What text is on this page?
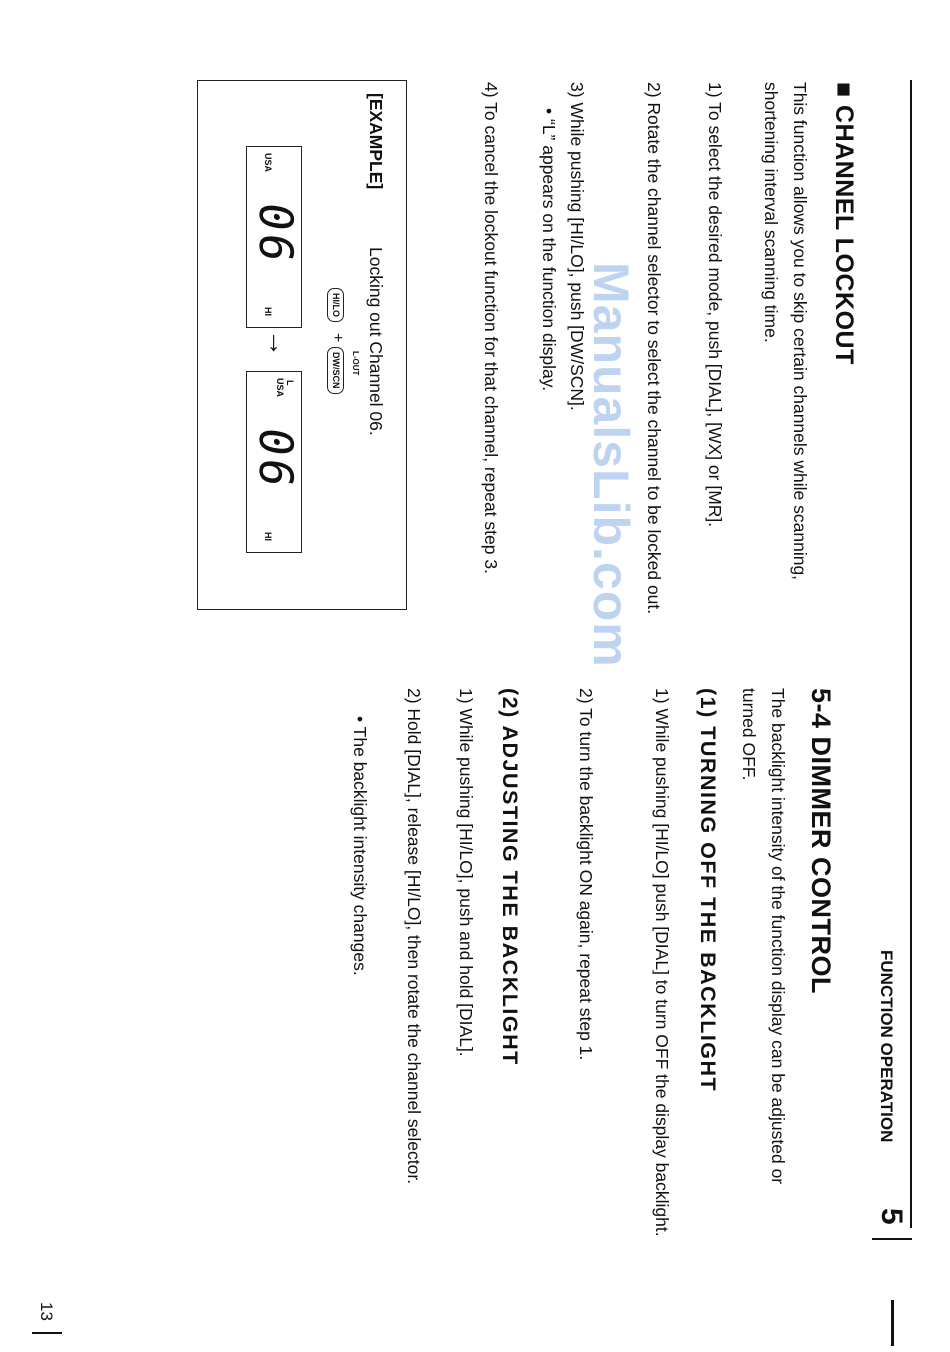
■ CHANNEL LOCKOUT
This function allows you to skip certain channels while scanning, shortening interval scanning time.
1) To select the desired mode, push [DIAL], [WX] or [MR].
2) Rotate the channel selector to select the channel to be locked out.
3) While pushing [HI/LO], push [DW/SCN].
• “L” appears on the function display.
4) To cancel the lockout function for that channel, repeat step 3.
[EXAMPLE]
Locking out Channel 06.
USA
06
HI	HI/LO
+
L-OUT
DW/SCN
→
L
USA
06
HI	ManualsLib.com
5-4 DIMMER CONTROL
The backlight intensity of the function display can be adjusted or turned OFF.
(1) TURNING OFF THE BACKLIGHT
1) While pushing [HI/LO] push [DIAL] to turn OFF the display backlight.
2) To turn the backlight ON again, repeat step 1.
(2) ADJUSTING THE BACKLIGHT
1) While pushing [HI/LO], push and hold [DIAL].
2) Hold [DIAL], release [HI/LO], then rotate the channel selector.
• The backlight intensity changes.
FUNCTION OPERATION
5
13
